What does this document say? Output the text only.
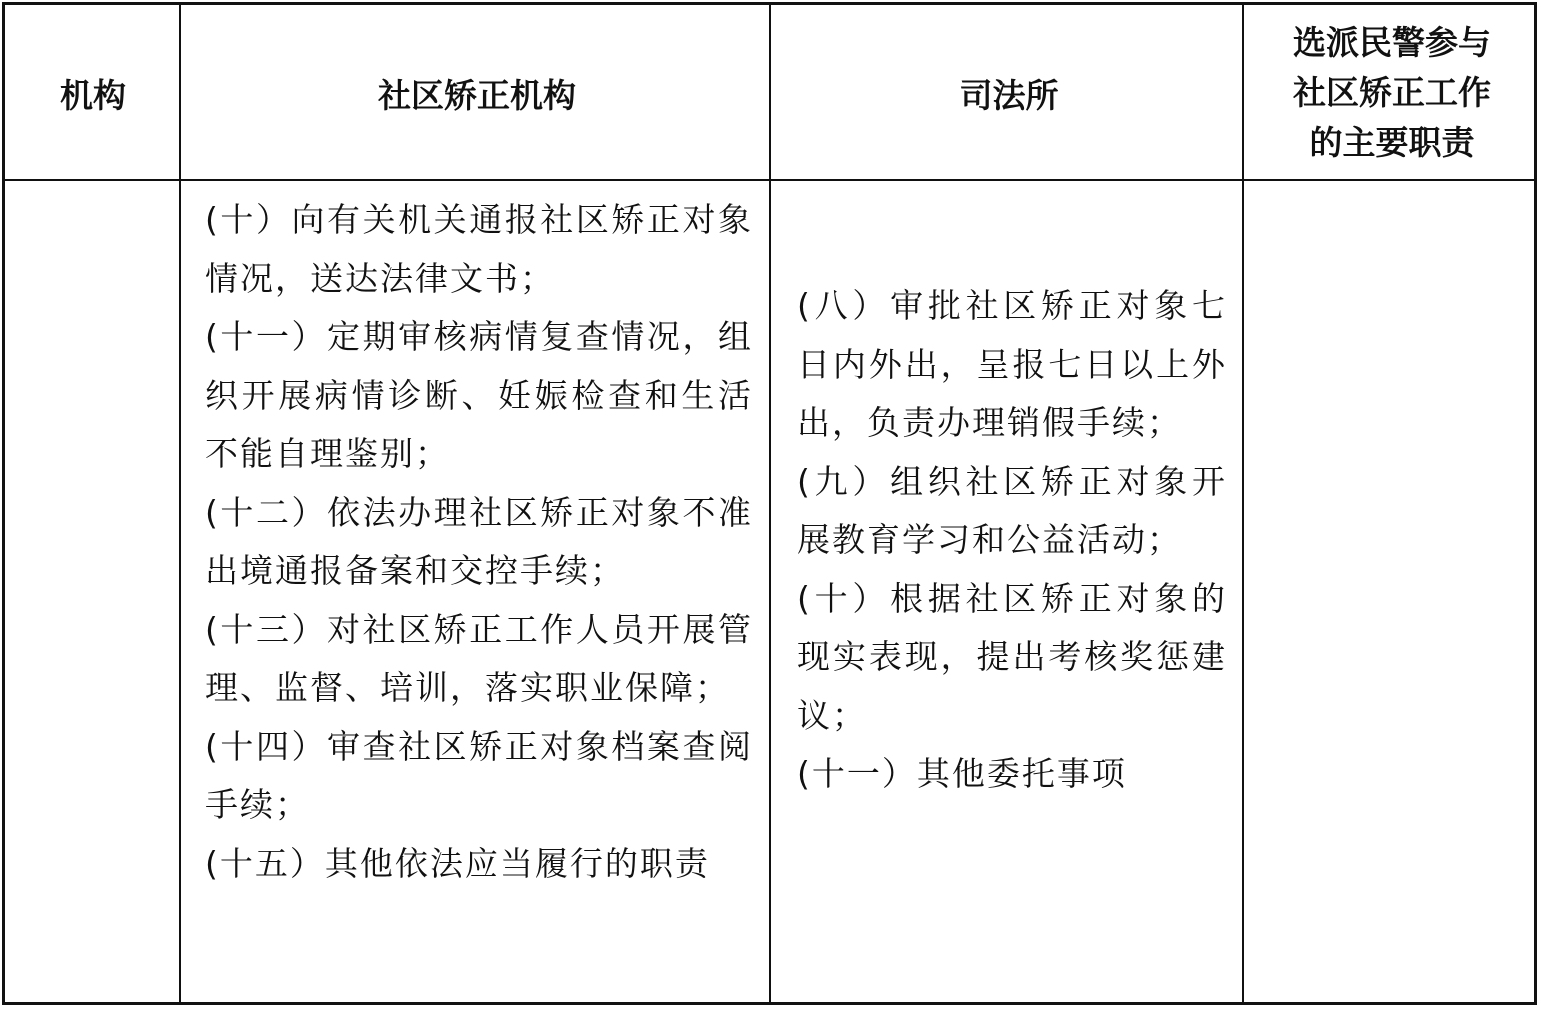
机构	社区矫正机构	司法所
选派民警参与
社区矫正工作
的主要职责
(十）向有关机关通报社区矫正对象情况，送达法律文书；
(十一）定期审核病情复查情况，组织开展病情诊断、妊娠检查和生活不能自理鉴别；
(十二）依法办理社区矫正对象不准出境通报备案和交控手续；
(十三）对社区矫正工作人员开展管理、监督、培训，落实职业保障；
(十四）审查社区矫正对象档案查阅手续；
(十五）其他依法应当履行的职责
(八）审批社区矫正对象七日内外出，呈报七日以上外出，负责办理销假手续；
(九）组织社区矫正对象开展教育学习和公益活动；
(十）根据社区矫正对象的现实表现，提出考核奖惩建议；
(十一）其他委托事项
